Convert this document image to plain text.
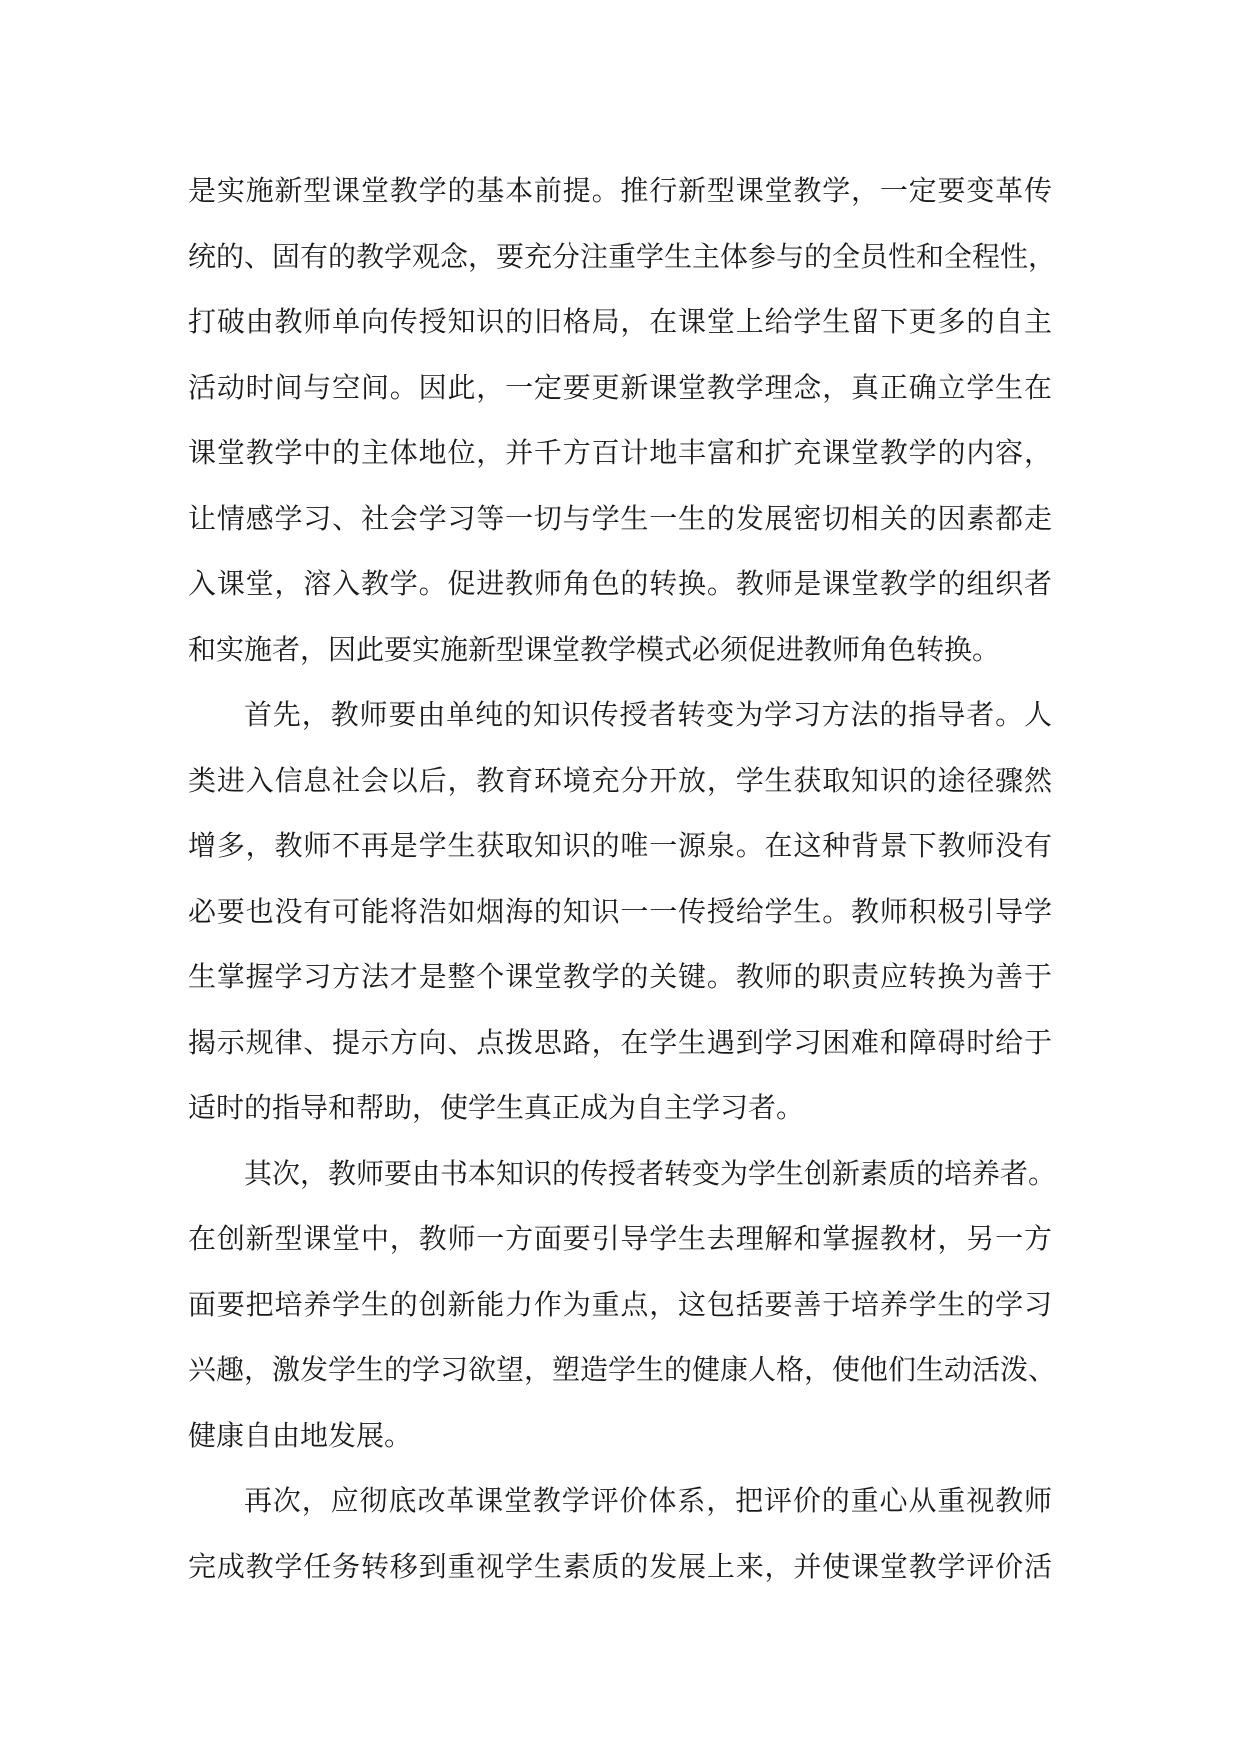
是实施新型课堂教学的基本前提。推行新型课堂教学，一定要变革传
统的、固有的教学观念，要充分注重学生主体参与的全员性和全程性，
打破由教师单向传授知识的旧格局，在课堂上给学生留下更多的自主
活动时间与空间。因此，一定要更新课堂教学理念，真正确立学生在
课堂教学中的主体地位，并千方百计地丰富和扩充课堂教学的内容，
让情感学习、社会学习等一切与学生一生的发展密切相关的因素都走
入课堂，溶入教学。促进教师角色的转换。教师是课堂教学的组织者
和实施者，因此要实施新型课堂教学模式必须促进教师角色转换。

首先，教师要由单纯的知识传授者转变为学习方法的指导者。人
类进入信息社会以后，教育环境充分开放，学生获取知识的途径骤然
增多，教师不再是学生获取知识的唯一源泉。在这种背景下教师没有
必要也没有可能将浩如烟海的知识一一传授给学生。教师积极引导学
生掌握学习方法才是整个课堂教学的关键。教师的职责应转换为善于
揭示规律、提示方向、点拨思路，在学生遇到学习困难和障碍时给于
适时的指导和帮助，使学生真正成为自主学习者。

其次，教师要由书本知识的传授者转变为学生创新素质的培养者。
在创新型课堂中，教师一方面要引导学生去理解和掌握教材，另一方
面要把培养学生的创新能力作为重点，这包括要善于培养学生的学习
兴趣，激发学生的学习欲望，塑造学生的健康人格，使他们生动活泼、
健康自由地发展。

再次，应彻底改革课堂教学评价体系，把评价的重心从重视教师
完成教学任务转移到重视学生素质的发展上来，并使课堂教学评价活
